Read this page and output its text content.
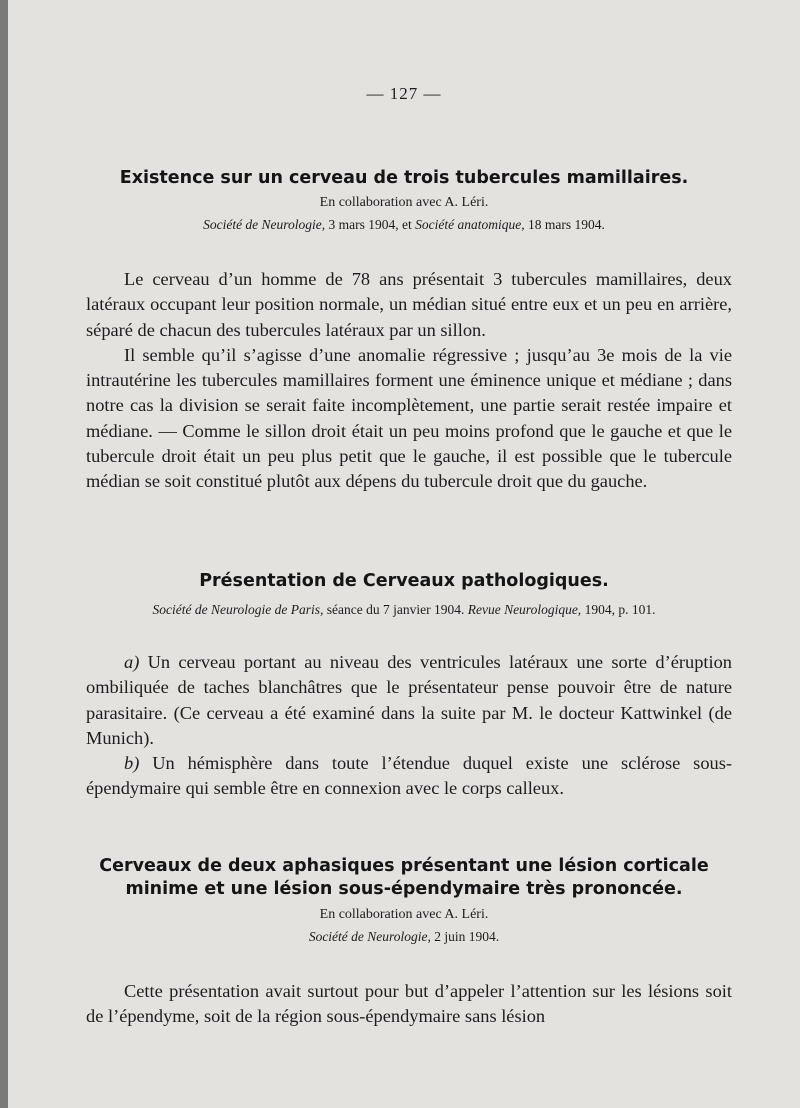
— 127 —
Existence sur un cerveau de trois tubercules mamillaires.
En collaboration avec A. Léri.
Société de Neurologie, 3 mars 1904, et Société anatomique, 18 mars 1904.

Le cerveau d’un homme de 78 ans présentait 3 tubercules mamillaires, deux latéraux occupant leur position normale, un médian situé entre eux et un peu en arrière, séparé de chacun des tubercules latéraux par un sillon.

Il semble qu’il s’agisse d’une anomalie régressive ; jusqu’au 3e mois de la vie intrautérine les tubercules mamillaires forment une éminence unique et médiane ; dans notre cas la division se serait faite incomplètement, une partie serait restée impaire et médiane. — Comme le sillon droit était un peu moins profond que le gauche et que le tubercule droit était un peu plus petit que le gauche, il est possible que le tubercule médian se soit constitué plutôt aux dépens du tubercule droit que du gauche.

Présentation de Cerveaux pathologiques.
Société de Neurologie de Paris, séance du 7 janvier 1904. Revue Neurologique, 1904, p. 101.

a) Un cerveau portant au niveau des ventricules latéraux une sorte d’éruption ombiliquée de taches blanchâtres que le présentateur pense pouvoir être de nature parasitaire. (Ce cerveau a été examiné dans la suite par M. le docteur Kattwinkel (de Munich).

b) Un hémisphère dans toute l’étendue duquel existe une sclérose sous-épendymaire qui semble être en connexion avec le corps calleux.

Cerveaux de deux aphasiques présentant une lésion corticale
minime et une lésion sous-épendymaire très prononcée.
En collaboration avec A. Léri.
Société de Neurologie, 2 juin 1904.

Cette présentation avait surtout pour but d’appeler l’attention sur les lésions soit de l’épendyme, soit de la région sous-épendymaire sans lésion
